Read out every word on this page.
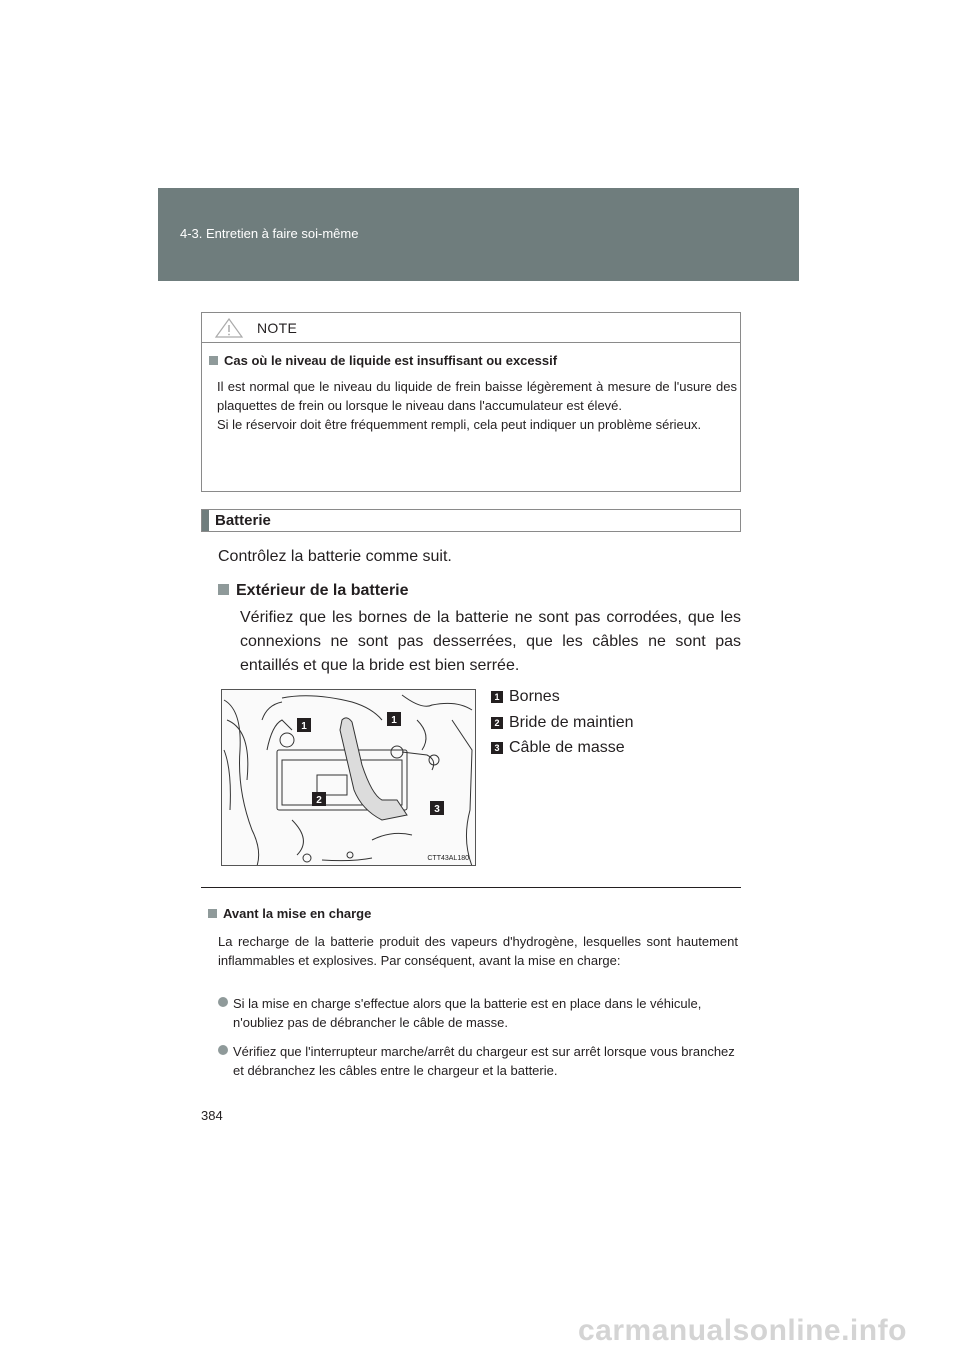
4-3. Entretien à faire soi-même
NOTE
Cas où le niveau de liquide est insuffisant ou excessif

Il est normal que le niveau du liquide de frein baisse légèrement à mesure de l'usure des plaquettes de frein ou lorsque le niveau dans l'accumulateur est élevé.

Si le réservoir doit être fréquemment rempli, cela peut indiquer un problème sérieux.

Batterie
Contrôlez la batterie comme suit.
Extérieur de la batterie
Vérifiez que les bornes de la batterie ne sont pas corrodées, que les connexions ne sont pas desserrées, que les câbles ne sont pas entaillés et que la bride est bien serrée.
1
1
2
3
CTT43AL180
1 Bornes
2 Bride de maintien
3 Câble de masse
Avant la mise en charge
La recharge de la batterie produit des vapeurs d'hydrogène, lesquelles sont hautement inflammables et explosives. Par conséquent, avant la mise en charge:
Si la mise en charge s'effectue alors que la batterie est en place dans le véhicule, n'oubliez pas de débrancher le câble de masse.
Vérifiez que l'interrupteur marche/arrêt du chargeur est sur arrêt lorsque vous branchez et débranchez les câbles entre le chargeur et la batterie.
384
carmanualsonline.info
